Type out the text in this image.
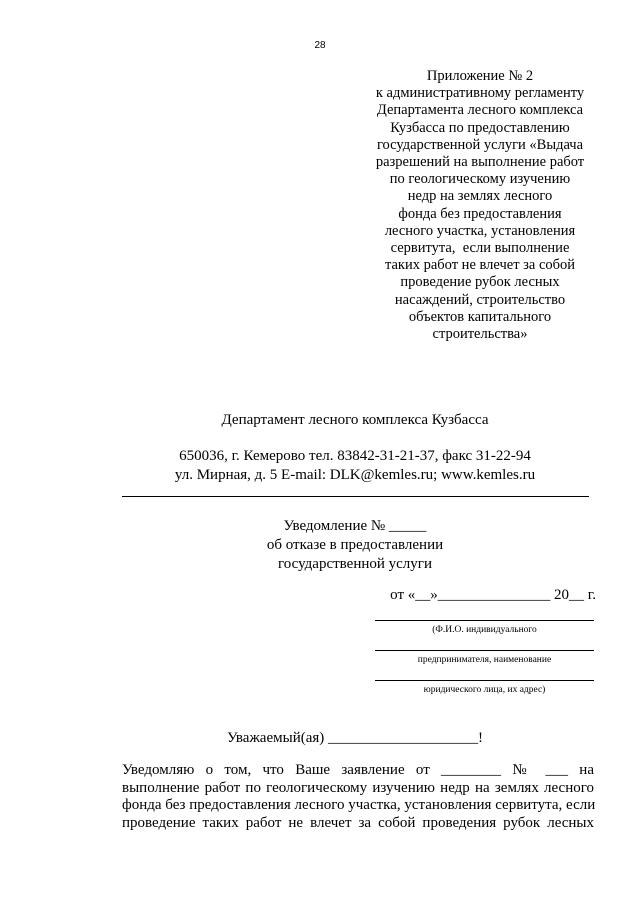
28
Приложение № 2
к административному регламенту
Департамента лесного комплекса
Кузбасса по предоставлению
государственной услуги «Выдача
разрешений на выполнение работ
по геологическому изучению
недр на землях лесного
фонда без предоставления
лесного участка, установления
сервитута,  если выполнение
таких работ не влечет за собой
проведение рубок лесных
насаждений, строительство
объектов капитального
строительства»
Департамент лесного комплекса Кузбасса
650036, г. Кемерово тел. 83842-31-21-37, факс 31-22-94
ул. Мирная, д. 5 E-mail: DLK@kemles.ru; www.kemles.ru
Уведомление № _____
об отказе в предоставлении
государственной услуги
от «__»_______________ 20__ г.
(Ф.И.О. индивидуального
предпринимателя, наименование
юридического лица, их адрес)
Уважаемый(ая) ____________________!
Уведомляю о том, что Ваше заявление от ________ № ___ на
выполнение работ по геологическому изучению недр на землях лесного
фонда без предоставления лесного участка, установления сервитута, если
проведение таких работ не влечет за собой проведения рубок лесных
